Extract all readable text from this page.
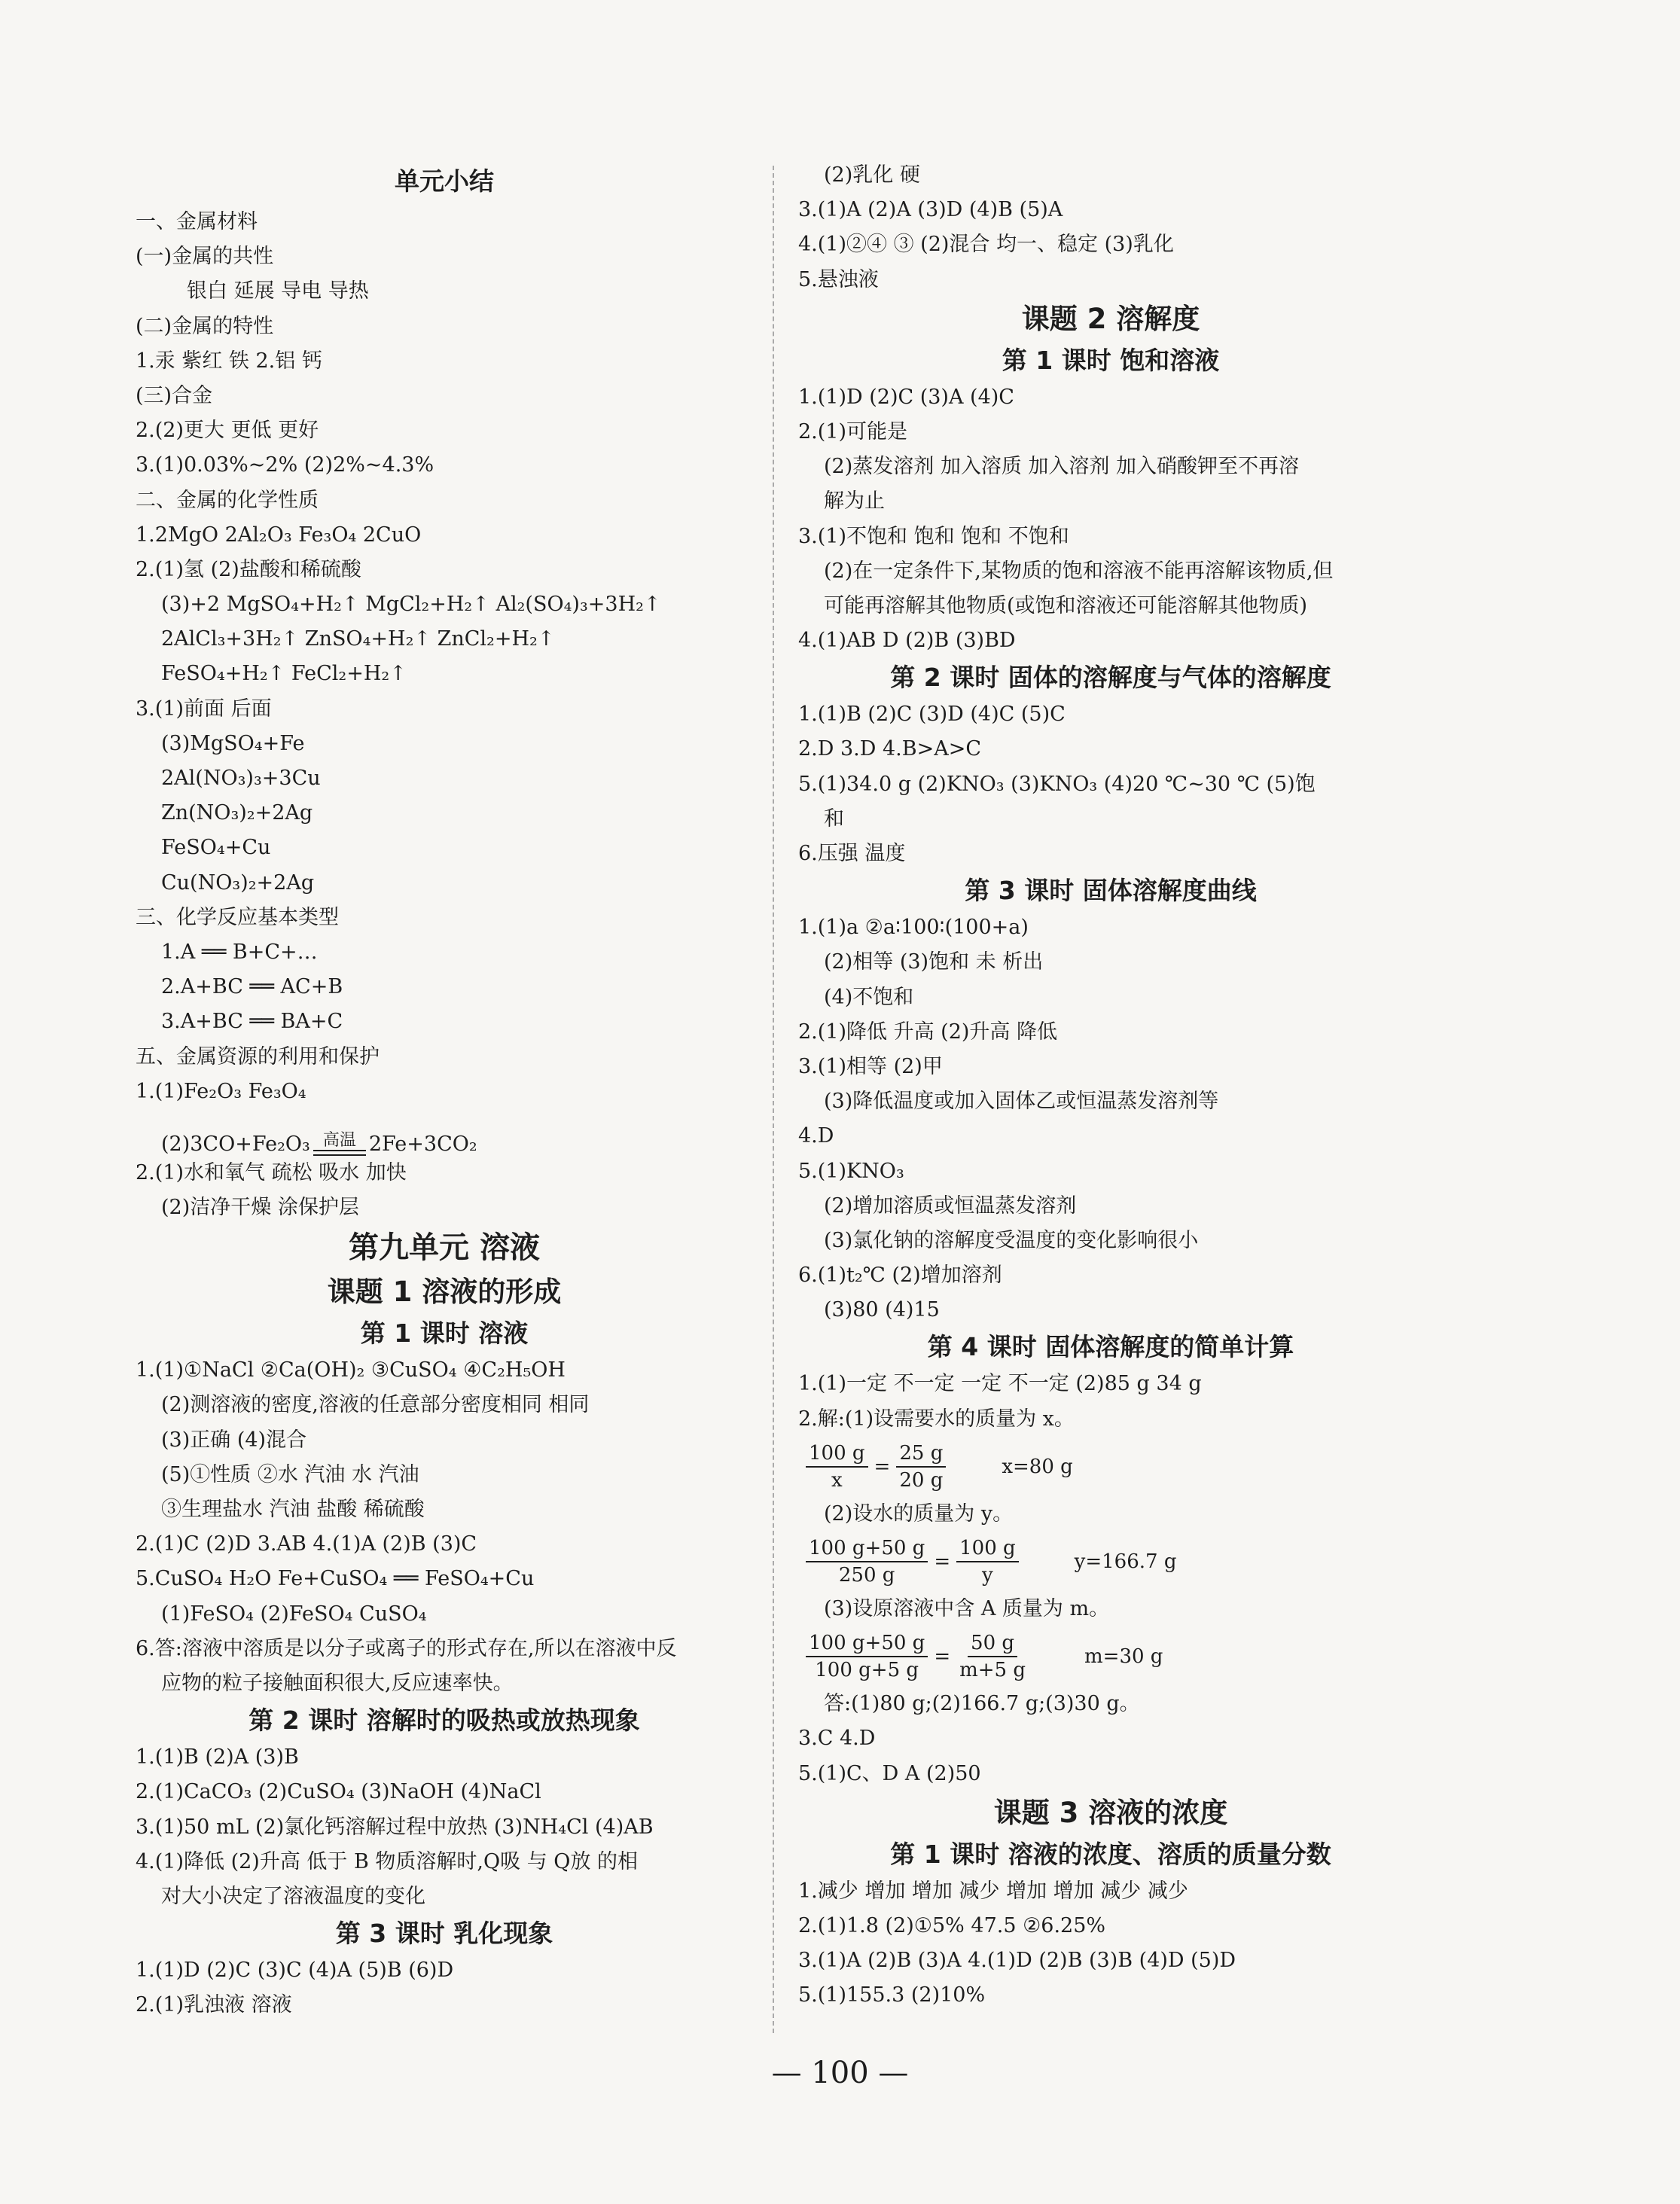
单元小结
一、金属材料
(一)金属的共性
银白 延展 导电 导热
(二)金属的特性
1.汞 紫红 铁 2.铝 钙
(三)合金
2.(2)更大 更低 更好
3.(1)0.03%~2% (2)2%~4.3%
二、金属的化学性质
1.2MgO 2Al₂O₃ Fe₃O₄ 2CuO
2.(1)氢 (2)盐酸和稀硫酸
(3)+2 MgSO₄+H₂↑ MgCl₂+H₂↑ Al₂(SO₄)₃+3H₂↑
2AlCl₃+3H₂↑ ZnSO₄+H₂↑ ZnCl₂+H₂↑
FeSO₄+H₂↑ FeCl₂+H₂↑
3.(1)前面 后面
(3)MgSO₄+Fe
2Al(NO₃)₃+3Cu
Zn(NO₃)₂+2Ag
FeSO₄+Cu
Cu(NO₃)₂+2Ag
三、化学反应基本类型
1.A ══ B+C+…
2.A+BC ══ AC+B
3.A+BC ══ BA+C
五、金属资源的利用和保护
1.(1)Fe₂O₃ Fe₃O₄
(2)3CO+Fe₂O₃ 高温 2Fe+3CO₂
2.(1)水和氧气 疏松 吸水 加快
(2)洁净干燥 涂保护层
第九单元 溶液
课题 1 溶液的形成
第 1 课时 溶液
1.(1)①NaCl ②Ca(OH)₂ ③CuSO₄ ④C₂H₅OH
(2)测溶液的密度,溶液的任意部分密度相同 相同
(3)正确 (4)混合
(5)①性质 ②水 汽油 水 汽油
③生理盐水 汽油 盐酸 稀硫酸
2.(1)C (2)D 3.AB 4.(1)A (2)B (3)C
5.CuSO₄ H₂O Fe+CuSO₄ ══ FeSO₄+Cu
(1)FeSO₄ (2)FeSO₄ CuSO₄
6.答:溶液中溶质是以分子或离子的形式存在,所以在溶液中反
应物的粒子接触面积很大,反应速率快。
第 2 课时 溶解时的吸热或放热现象
1.(1)B (2)A (3)B
2.(1)CaCO₃ (2)CuSO₄ (3)NaOH (4)NaCl
3.(1)50 mL (2)氯化钙溶解过程中放热 (3)NH₄Cl (4)AB
4.(1)降低 (2)升高 低于 B 物质溶解时,Q吸 与 Q放 的相
对大小决定了溶液温度的变化
第 3 课时 乳化现象
1.(1)D (2)C (3)C (4)A (5)B (6)D
2.(1)乳浊液 溶液
(2)乳化 硬
3.(1)A (2)A (3)D (4)B (5)A
4.(1)②④ ③ (2)混合 均一、稳定 (3)乳化
5.悬浊液
课题 2 溶解度
第 1 课时 饱和溶液
1.(1)D (2)C (3)A (4)C
2.(1)可能是
(2)蒸发溶剂 加入溶质 加入溶剂 加入硝酸钾至不再溶
解为止
3.(1)不饱和 饱和 饱和 不饱和
(2)在一定条件下,某物质的饱和溶液不能再溶解该物质,但
可能再溶解其他物质(或饱和溶液还可能溶解其他物质)
4.(1)AB D (2)B (3)BD
第 2 课时 固体的溶解度与气体的溶解度
1.(1)B (2)C (3)D (4)C (5)C
2.D 3.D 4.B>A>C
5.(1)34.0 g (2)KNO₃ (3)KNO₃ (4)20 ℃~30 ℃ (5)饱
和
6.压强 温度
第 3 课时 固体溶解度曲线
1.(1)a ②a∶100∶(100+a)
(2)相等 (3)饱和 未 析出
(4)不饱和
2.(1)降低 升高 (2)升高 降低
3.(1)相等 (2)甲
(3)降低温度或加入固体乙或恒温蒸发溶剂等
4.D
5.(1)KNO₃
(2)增加溶质或恒温蒸发溶剂
(3)氯化钠的溶解度受温度的变化影响很小
6.(1)t₂℃ (2)增加溶剂
(3)80 (4)15
第 4 课时 固体溶解度的简单计算
1.(1)一定 不一定 一定 不一定 (2)85 g 34 g
2.解:(1)设需要水的质量为 x。
$\frac{100 g}{x} = \frac{25 g}{20 g}$	x=80 g
(2)设水的质量为 y。
$\frac{100 g+50 g}{250 g} = \frac{100 g}{y}$	y=166.7 g
(3)设原溶液中含 A 质量为 m。
$\frac{100 g+50 g}{100 g+5 g} = \frac{50 g}{m+5 g}$	m=30 g
答:(1)80 g;(2)166.7 g;(3)30 g。
3.C 4.D
5.(1)C、D A (2)50
课题 3 溶液的浓度
第 1 课时 溶液的浓度、溶质的质量分数
1.减少 增加 增加 减少 增加 增加 减少 减少
2.(1)1.8 (2)①5% 47.5 ②6.25%
3.(1)A (2)B (3)A 4.(1)D (2)B (3)B (4)D (5)D
5.(1)155.3 (2)10%
— 100 —
